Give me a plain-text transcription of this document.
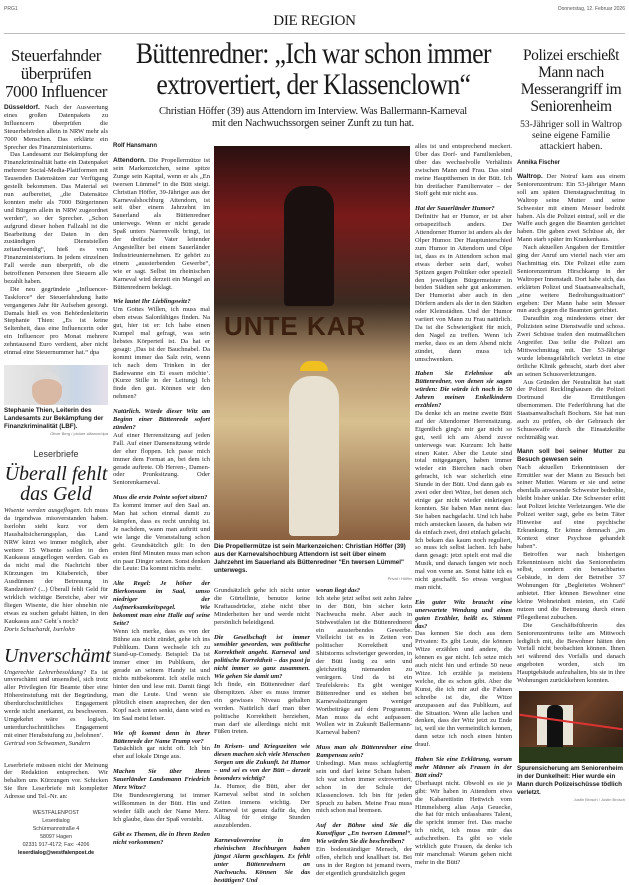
PRG1	Donnerstag, 12. Februar 2026
DIE REGION
Steuerfahnder überprüfen 7000 Influencer

Düsseldorf. Nach der Auswertung eines großen Datenpakets zu Influencern überprüfen die Steuerbehörden allein in NRW mehr als 7000 Menschen. Das erklärte ein Sprecher des Finanzministeriums.

Das Landesamt zur Bekämpfung der Finanzkriminalität hatte ein Datenpaket mehrerer Social-Media-Plattformen mit Tausenden Datensätzen zur Verfügung gestellt bekommen. Das Material sei nun aufbereitet, „die Datensätze konnten mehr als 7000 Bürgerinnen und Bürgern allein in NRW zugeordnet werden“, so der Sprecher. „Schon aufgrund dieser hohen Fallzahl ist die Bearbeitung der Daten in den zuständigen Dienststellen zeitaufwendig“, hieß es vom Finanzministerium. In jedem einzelnen Fall werde nun überprüft, ob die betroffenen Personen ihre Steuern alle bezahlt haben.

Die neu gegründete „Influencer-Taskforce“ der Steuerfahndung hatte vergangenes Jahr für Aufsehen gesorgt. Damals hieß es von Behördenleiterin Stephanie Thien: „Es ist keine Seltenheit, dass eine Influencerin oder ein Influencer pro Monat mehrere zehntausend Euro verdient, aber nicht einmal eine Steuernummer hat.“ dpa

Stephanie Thien, Leiterin des Landesamts zur Bekämpfung der Finanzkriminalität (LBF).
Oliver Berg / picture alliance/dpa
Leserbriefe
Überall fehlt das Geld

Wisente werden ausgeflogen. Ich muss da irgendwas missverstanden haben. Iserlohn steht kurz vor dem Haushaltsicherungsplan, das Land NRW kürzt wo immer möglich, aber weitere 15 Wisente sollen in den Kaukasus ausgeflogen werden. Gab es da nicht mal die Nachricht über Kürzungen im Kitabereich, über Ausdünnen der Betreuung in Randzeiten? (...) Überall fehlt Geld für wirklich wichtige Bereiche, aber wir fliegen Wisente, die hier ohnehin nie etwas zu suchen gehabt hätten, in den Kaukasus aus? Geht´s noch?

Doris Schuchardt, Iserlohn

Unverschämt

Ungerechte Lehrerbesoldung? Es ist unverschämt und unsensibel, sich trotz aller Privilegien für Beamte über eine Höhereinstufung mit der Begründung, überdurchschnittliches Engagement werde nicht anerkannt, zu beschweren. Umgekehrt wäre es logisch, unterdurchschnittliches Engagement mit einer Herabstufung zu ‚belohnen‘.

Gertrud von Schwamen, Sundern

Leserbriefe müssen nicht der Meinung der Redaktion entsprechen. Wir behalten uns Kürzungen vor. Schicken Sie Ihre Leserbriefe mit kompletter Adresse und Tel.-Nr. an:
WESTFALENPOST
Leserdialog
Schürmannstraße 4
58097 Hagen
02331 917-4172; Fax: -4206
leserdialog@westfalenpost.de
Büttenredner: „Ich war schon immer
extrovertiert, der Klassenclown“
Christian Höffer (39) aus Attendorn im Interview. Was Ballermann-Karneval
mit den Nachwuchssorgen seiner Zunft zu tun hat.
Rolf Hansmann

Attendorn. Die Propellermütze ist sein Markenzeichen, seine spitze Zunge sein Kapital, wenn er als „En twersen Lümmel“ in die Bütt steigt. Christian Höffer, 39-Jähriger aus der Karnevalshochburg Attendorn, ist seit über einem Jahrzehnt im Sauerland als Büttenredner unterwegs. Wenn er nicht gerade Spaß unters Narrenvolk bringt, ist der dreifache Vater leitender Angestellter bei einem Sauerländer Industrieunternehmen. Er gehört zu einem „aussterbenden Gewerbe“, wie er sagt. Selbst im rheinischen Karneval wird derzeit ein Mangel an Büttenrednern beklagt.

Wie lautet Ihr Lieblingswitz?

Um Gottes Willen, ich muss mal eben etwas Salonfähiges finden. Na gut, hier ist er: Ich habe einen Kumpel mal gefragt, was sein liebstes Körperteil ist. Da hat er gesagt: ‚Das ist der Bauchnabel. Da kommt immer das Salz rein, wenn ich nach dem Trinken in der Badewanne ein Ei essen möchte‘. (Kurze Stille in der Leitung) Ich finde den gut. Können wir den nehmen?

Natürlich. Würde dieser Witz am Beginn einer Büttenrede sofort zünden?

Auf einer Herrensitzung auf jeden Fall. Auf einer Damensitzung würde der eher floppen. Ich passe mich immer dem Format an, bei dem ich gerade auftrete. Ob Herren-, Damen- oder Prunksitzung. Oder Seniorenkarneval.

Muss die erste Pointe sofort sitzen?

Es kommt immer auf den Saal an. Man hat schon einmal damit zu kämpfen, dass es recht unruhig ist. Je nachdem, wann man auftritt und wie lange die Veranstaltung schon geht. Grundsätzlich gilt: In den ersten fünf Minuten muss man schon ein paar Dinger setzen. Sonst denken die Leute: Da kommt nichts mehr.

Alte Regel: Je höher der Bierkonsum im Saal, umso niedriger der Aufmerksamkeitspegel. Wie bekommt man eine Halle auf seine Seite?

Wenn ich merke, dass es von der Bühne aus nicht zündet, gehe ich ins Publikum. Dann wechsele ich zu Stand-up-Comedy. Beispiel: Da ist immer einer im Publikum, der gerade an seinem Handy ist und nichts mitbekommt. Ich stelle mich hinter den und lese mit. Damit fängt man die Leute. Und wenn sie plötzlich einen ansprechen, der den Kopf nach unten senkt, dann wird es im Saal meist leiser.

Wie oft kommt denn in Ihrer Büttenrede der Name Trump vor?

Tatsächlich gar nicht oft. Ich bin eher auf lokale Dinge aus.

Machen Sie über Ihren Sauerländer Landsmann Friedrich Merz Witze?

Die Bundesregierung ist immer willkommen in der Bütt. Hin und wieder fällt auch der Name Merz. Ich glaube, dass der Spaß versteht.

Gibt es Themen, die in Ihren Reden nicht vorkommen?

UNTE KAR
Die Propellermütze ist sein Markenzeichen: Christian Höffer (39) aus der Karnevalshochburg Attendorn ist seit über einem Jahrzehnt im Sauerland als Büttenredner "En twersen Lümmel" unterwegs.
Privat / Höffer

Grundsätzlich gehe ich nicht unter die Gürtellinie, benutze keine Kraftausdrücke, ziehe nicht über Minderheiten her und werde nicht persönlich beleidigend.

Die Gesellschaft ist immer sensibler geworden, was politische Korrektheit angeht. Karneval und politische Korrektheit – das passt ja nicht immer so ganz zusammen. Wie gehen Sie damit um?

Ich finde, ein Büttenredner darf überspitzen. Aber es muss immer ein gewisses Niveau gehalten werden. Natürlich darf man über politische Korrektheit herziehen, man darf sie allerdings nicht mit Füßen treten.

In Krisen- und Kriegszeiten wie diesen machen sich viele Menschen Sorgen um die Zukunft. Ist Humor – und sei es von der Bütt – derzeit besonders wichtig?

Ja. Humor, die Bütt, aber der Karneval selbst sind in solchen Zeiten immens wichtig. Der Karneval ist genau dafür da, den Alltag für einige Stunden auszublenden.

Karnevalsvereine in den rheinischen Hochburgen haben jüngst Alarm geschlagen. Es fehlt unter Büttenrednern an Nachwuchs. Können Sie das bestätigen? Und

woran liegt das?

Ich stehe jetzt selbst seit zehn Jahre in der Bütt, bin sicher kein Nachwuchs mehr. Aber auch in Südwestfalen ist die Büttenrednerei ein aussterbendes Gewerbe. Vielleicht ist es in Zeiten von politischer Korrektheit und Shitstorms schwieriger geworden, in der Bütt lustig zu sein und gleichzeitig niemanden zu verärgern. Und da ist ein Teufelskreis: Es gibt weniger Büttenredner und es stehen bei Karnevalssitzungen weniger Wortbeiträge auf dem Programm. Man muss da echt aufpassen. Wollen wir in Zukunft Ballermann-Karneval haben?

Muss man als Büttenredner eine Rampensau sein?

Unbedingt. Man muss schlagfertig sein und darf keine Scham haben. Ich war schon immer extrovertiert, schon in der Schule der Klassenclown. Ich bin für jeden Spruch zu haben. Meine Frau muss mich schon mal bremsen.

Auf der Bühne sind Sie die Kunstfigur „En twersen Lümmel“. Wie würden Sie die beschreiben?

Ein bodenständiger Mensch, der offen, ehrlich und knallhart ist. Bei uns in der Region ist jemand twers, der eigentlich grundsätzlich gegen

alles ist und entsprechend meckert. Über das Dorf- und Familienleben, über das wechselvolle Verhältnis zwischen Mann und Frau. Das sind meine Hauptthemen in der Bütt. Ich bin dreifacher Familienvater – der Stoff geht mir nicht aus.

Hat der Sauerländer Humor?

Definitiv hat er Humor, er ist aber ortsspezifisch anders. Der Attendorner Humor ist anders als der Olper Humor. Der Hauptunterschied zum Humor in Attendorn und Olpe ist, dass es in Attendorn schon mal etwas derber sein darf, wobei Spitzen gegen Politiker oder speziell den jeweiligen Bürgermeister in beiden Städten sehr gut ankommen. Der Humorist aber auch in den Dörfern anders als der in den Städten oder Kleinstädten. Und der Humor variiert von Mann zu Frau natürlich. Da ist die Schwierigkeit für mich, den Nagel zu treffen. Wenn ich merke, dass es an dem Abend nicht zündet, dann muss ich umschwenken.

Haben Sie Erlebnisse als Büttenredner, von denen sie sagen würden: Die würde ich noch in 50 Jahren meinen Enkelkindern erzählen?

Da denke ich an meine zweite Bütt auf der Attendorner Herrensitzung. Eigentlich ging's mir gar nicht so gut, weil ich am Abend zuvor unterwegs war. Kurzum: Ich hatte einen Kater. Aber die Leute sind total mitgegangen, haben immer wieder ein Bierchen nach oben gebracht, ich war sicherlich eine Stunde in der Bütt. Und dann gab es zwei oder drei Witze, bei denen sich einige gar nicht wieder einkriegen konnten. Sie haben Man nennt das: Sie haben nachgelacht. Und ich habe mich anstecken lassen, da haben wir da einfach zwei, drei einfach gelacht. Ich bekam das kaum noch reguliert, so muss ich selbst lachen. Ich habe dann gesagt: jetzt spielt erst mal die Musik, und danach fangen wir noch mal von vorne an. Sonst hätte ich es nicht geschafft. So etwas vergisst man nicht.

Ein guter Witz braucht eine unerwartete Wendung und einen guten Erzähler, heißt es. Stimmt das?

Das kennen Sie doch aus dem Privaten: Es gibt Leute, die können Witze erzählen und andere, die können es gar nicht. Ich setze mich auch nicht hin und erfinde 50 neue Witze. Ich erzähle ja meistens welche, die es schon gibt. Aber die Kunst, die ich mir auf die Fahnen schreibe ist die, die Witze anzupassen auf das Publikum, auf die Situation. Wenn alle lachen und denken, dass der Witz jetzt zu Ende ist, weil sie ihn vermeintlich kennen, dann setze ich noch einen hinten drauf.

Haben Sie eine Erklärung, warum mehr Männer als Frauen in der Bütt sind?

Überhaupt nicht. Obwohl es sie ja gibt: Wir haben in Attendorn etwa die Kabarettistin Hettwich vom Himmelsberg alias Anja Geuecke, die hat für mich unfassbares Talent, die spricht immer frei. Das mache ich nicht, ich muss mir das aufschreiben. Es gibt so viele wirklich gute Frauen, da denke ich mir manchmal: Warum gehen nicht mehr in die Bütt?

Polizei erschießt Mann nach Messerangriff im Seniorenheim
53-Jähriger soll in Waltrop seine eigene Familie attackiert haben.
Annika Fischer

Waltrop. Der Notruf kam aus einem Seniorenzentrum: Ein 53-jähriger Mann soll am späten Dienstagnachmittag in Waltrop seine Mutter und seine Schwester mit einem Messer bedroht haben. Als die Polizei eintraf, soll er die Waffe auch gegen die Beamten gerichtet haben. Die gaben zwei Schüsse ab, der Mann starb später im Krankenhaus.

Nach aktuellen Angaben der Ermittler ging der Anruf um viertel nach vier am Nachmittag ein. Die Polizei eilte zum Seniorenzentrum Hirschkamp in der Waltroper Innenstadt. Dort habe sich, das erklärten Polizei und Staatsanwaltschaft, „eine weitere Bedrohungssituation“ ergeben: Der Mann habe sein Messer nun auch gegen die Beamten gerichtet.

Daraufhin zog mindestens einer der Polizisten seine Dienstwaffe und schoss. Zwei Schüsse trafen den mutmaßlichen Angreifer. Das teilte die Polizei am Mittwochmittag mit. Der 53-Jährige wurde lebensgefährlich verletzt in eine örtliche Klinik gebracht, starb dort aber an seinen Schussverletzungen.

Aus Gründen der Neutralität hat statt der Polizei Recklinghausen die Polizei Dortmund die Ermittlungen übernommen. Die Federführung hat die Staatsanwaltschaft Bochum. Sie hat nun auch zu prüfen, ob der Gebrauch der Schusswaffe durch die Einsatzkräfte rechtmäßig war.

Mann soll bei seiner Mutter zu Besuch gewesen sein

Nach aktuellen Erkenntnissen der Ermittler war der Mann zu Besuch bei seiner Mutter. Warum er sie und seine ebenfalls anwesende Schwester bedrohte, bleibt bisher unklar. Die Schwester erlitt laut Polizei leichte Verletzungen. Wie die Polizei weiter sagt, gebe es beim Täter Hinweise auf eine psychische Erkrankung. Er könne demnach „im Kontext einer Psychose gehandelt haben“.

Betroffen war nach bisherigen Erkenntnissen nicht das Seniorenheim selbst, sondern ein benachbartes Gebäude, in dem der Betreiber 37 Wohnungen für „Begleitetes Wohnen“ anbietet. Hier können Bewohner eine kleine Wohneinheit mieten, ein Café nutzen und die Betreuung durch einen Pflegedienst zubuchen.

Die Geschäftsführerin des Seniorenzentrums teilte am Mittwoch lediglich mit, die Bewohner hätten den Vorfall nicht beobachten können. Ihnen sei während des Vorfalls und danach angeboten worden, sich im Hauptgebäude aufzuhalten, bis sie in ihre Wohnungen zurückkehren konnten.

Spurensicherung am Seniorenheim in der Dunkelheit: Hier wurde ein Mann durch Polizeischüsse tödlich verletzt.
Justin Brosch / Justin Brosch
